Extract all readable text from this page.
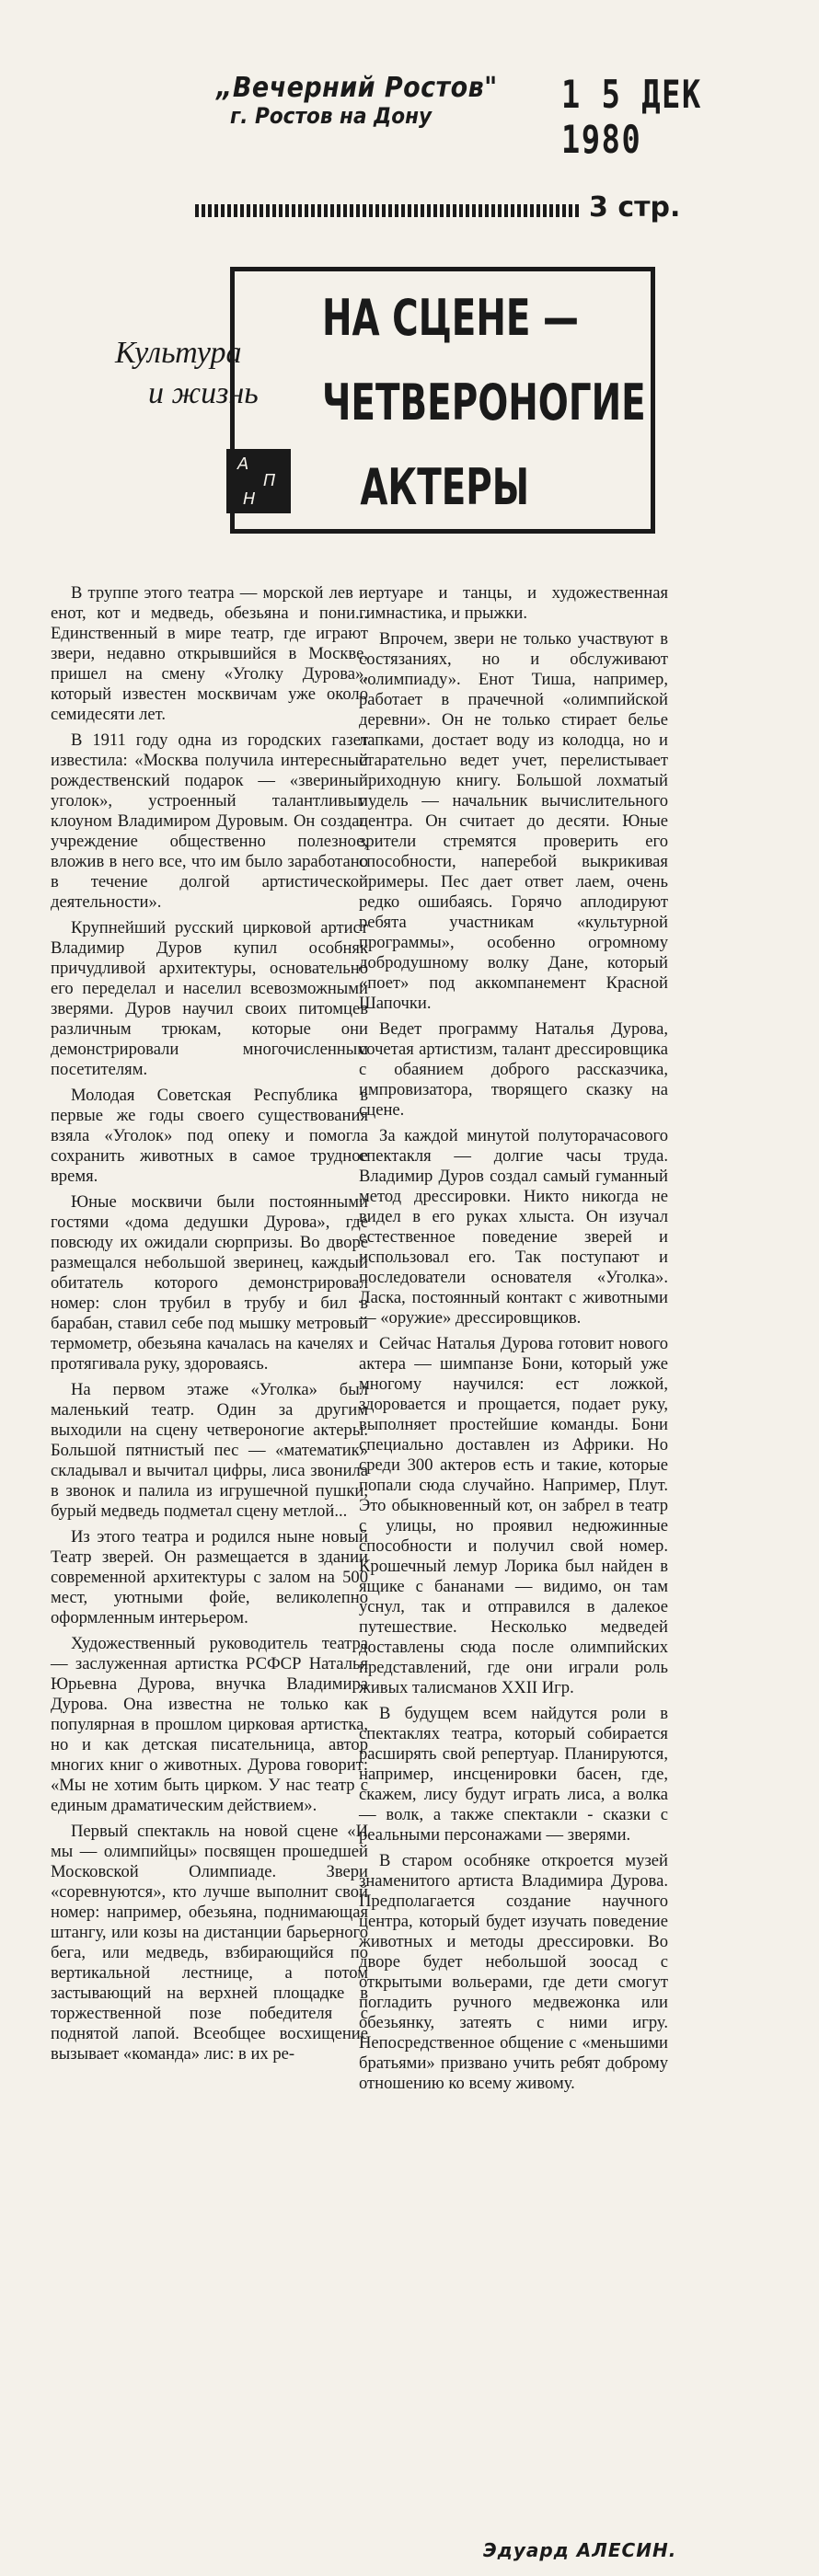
„Вечерний Ростов"
г. Ростов на Дону	1 5 ДЕК 1980
3 стр.
Культура
и жизнь
НА СЦЕНЕ —
ЧЕТВЕРОНОГИЕ
АКТЕРЫ
А
П
Н

В труппе этого театра — морской лев и енот, кот и медведь, обезьяна и пони... Единственный в мире театр, где играют звери, недавно открывшийся в Москве, пришел на смену «Уголку Дурова», который известен москвичам уже около семидесяти лет.

В 1911 году одна из городских газет известила: «Москва получила интересный рождественский подарок — «звериный уголок», устроенный талантливым клоуном Владимиром Дуровым. Он создал учреждение общественно полезное, вложив в него все, что им было заработано в течение долгой артистической деятельности».

Крупнейший русский цирковой артист Владимир Дуров купил особняк причудливой архитектуры, основательно его переделал и населил всевозможными зверями. Дуров научил своих питомцев различным трюкам, которые они демонстрировали многочисленным посетителям.

Молодая Советская Республика в первые же годы своего существования взяла «Уголок» под опеку и помогла сохранить животных в самое трудное время.

Юные москвичи были постоянными гостями «дома дедушки Дурова», где повсюду их ожидали сюрпризы. Во дворе размещался небольшой зверинец, каждый обитатель которого демонстрировал номер: слон трубил в трубу и бил в барабан, ставил себе под мышку метровый термометр, обезьяна качалась на качелях и протягивала руку, здороваясь.

На первом этаже «Уголка» был маленький театр. Один за другим выходили на сцену четвероногие актеры. Большой пятнистый пес — «математик» складывал и вычитал цифры, лиса звонила в звонок и палила из игрушечной пушки, бурый медведь подметал сцену метлой...

Из этого театра и родился ныне новый Театр зверей. Он размещается в здании современной архитектуры с залом на 500 мест, уютными фойе, великолепно оформленным интерьером.

Художественный руководитель театра — заслуженная артистка РСФСР Наталья Юрьевна Дурова, внучка Владимира Дурова. Она известна не только как популярная в прошлом цирковая артистка, но и как детская писательница, автор многих книг о животных. Дурова говорит: «Мы не хотим быть цирком. У нас театр с единым драматическим действием».

Первый спектакль на новой сцене «И мы — олимпийцы» посвящен прошедшей Московской Олимпиаде. Звери «соревнуются», кто лучше выполнит свой номер: например, обезьяна, поднимающая штангу, или козы на дистанции барьерного бега, или медведь, взбирающийся по вертикальной лестнице, а потом застывающий на верхней площадке в торжественной позе победителя с поднятой лапой. Всеобщее восхищение вызывает «команда» лис: в их ре-

пертуаре и танцы, и художественная гимнастика, и прыжки.

Впрочем, звери не только участвуют в состязаниях, но и обслуживают «олимпиаду». Енот Тиша, например, работает в прачечной «олимпийской деревни». Он не только стирает белье лапками, достает воду из колодца, но и старательно ведет учет, перелистывает приходную книгу. Большой лохматый пудель — начальник вычислительного центра. Он считает до десяти. Юные зрители стремятся проверить его способности, наперебой выкрикивая примеры. Пес дает ответ лаем, очень редко ошибаясь. Горячо аплодируют ребята участникам «культурной программы», особенно огромному добродушному волку Дане, который «поет» под аккомпанемент Красной Шапочки.

Ведет программу Наталья Дурова, сочетая артистизм, талант дрессировщика с обаянием доброго рассказчика, импровизатора, творящего сказку на сцене.

За каждой минутой полуторачасового спектакля — долгие часы труда. Владимир Дуров создал самый гуманный метод дрессировки. Никто никогда не видел в его руках хлыста. Он изучал естественное поведение зверей и использовал его. Так поступают и последователи основателя «Уголка». Ласка, постоянный контакт с животными — «оружие» дрессировщиков.

Сейчас Наталья Дурова готовит нового актера — шимпанзе Бони, который уже многому научился: ест ложкой, здоровается и прощается, подает руку, выполняет простейшие команды. Бони специально доставлен из Африки. Но среди 300 актеров есть и такие, которые попали сюда случайно. Например, Плут. Это обыкновенный кот, он забрел в театр с улицы, но проявил недюжинные способности и получил свой номер. Крошечный лемур Лорика был найден в ящике с бананами — видимо, он там уснул, так и отправился в далекое путешествие. Несколько медведей доставлены сюда после олимпийских представлений, где они играли роль живых талисманов XXII Игр.

В будущем всем найдутся роли в спектаклях театра, который собирается расширять свой репертуар. Планируются, например, инсценировки басен, где, скажем, лису будут играть лиса, а волка — волк, а также спектакли - сказки с реальными персонажами — зверями.

В старом особняке откроется музей знаменитого артиста Владимира Дурова. Предполагается создание научного центра, который будет изучать поведение животных и методы дрессировки. Во дворе будет небольшой зоосад с открытыми вольерами, где дети смогут погладить ручного медвежонка или обезьянку, затеять с ними игру. Непосредственное общение с «меньшими братьями» призвано учить ребят доброму отношению ко всему живому.

Эдуард АЛЕСИН.
